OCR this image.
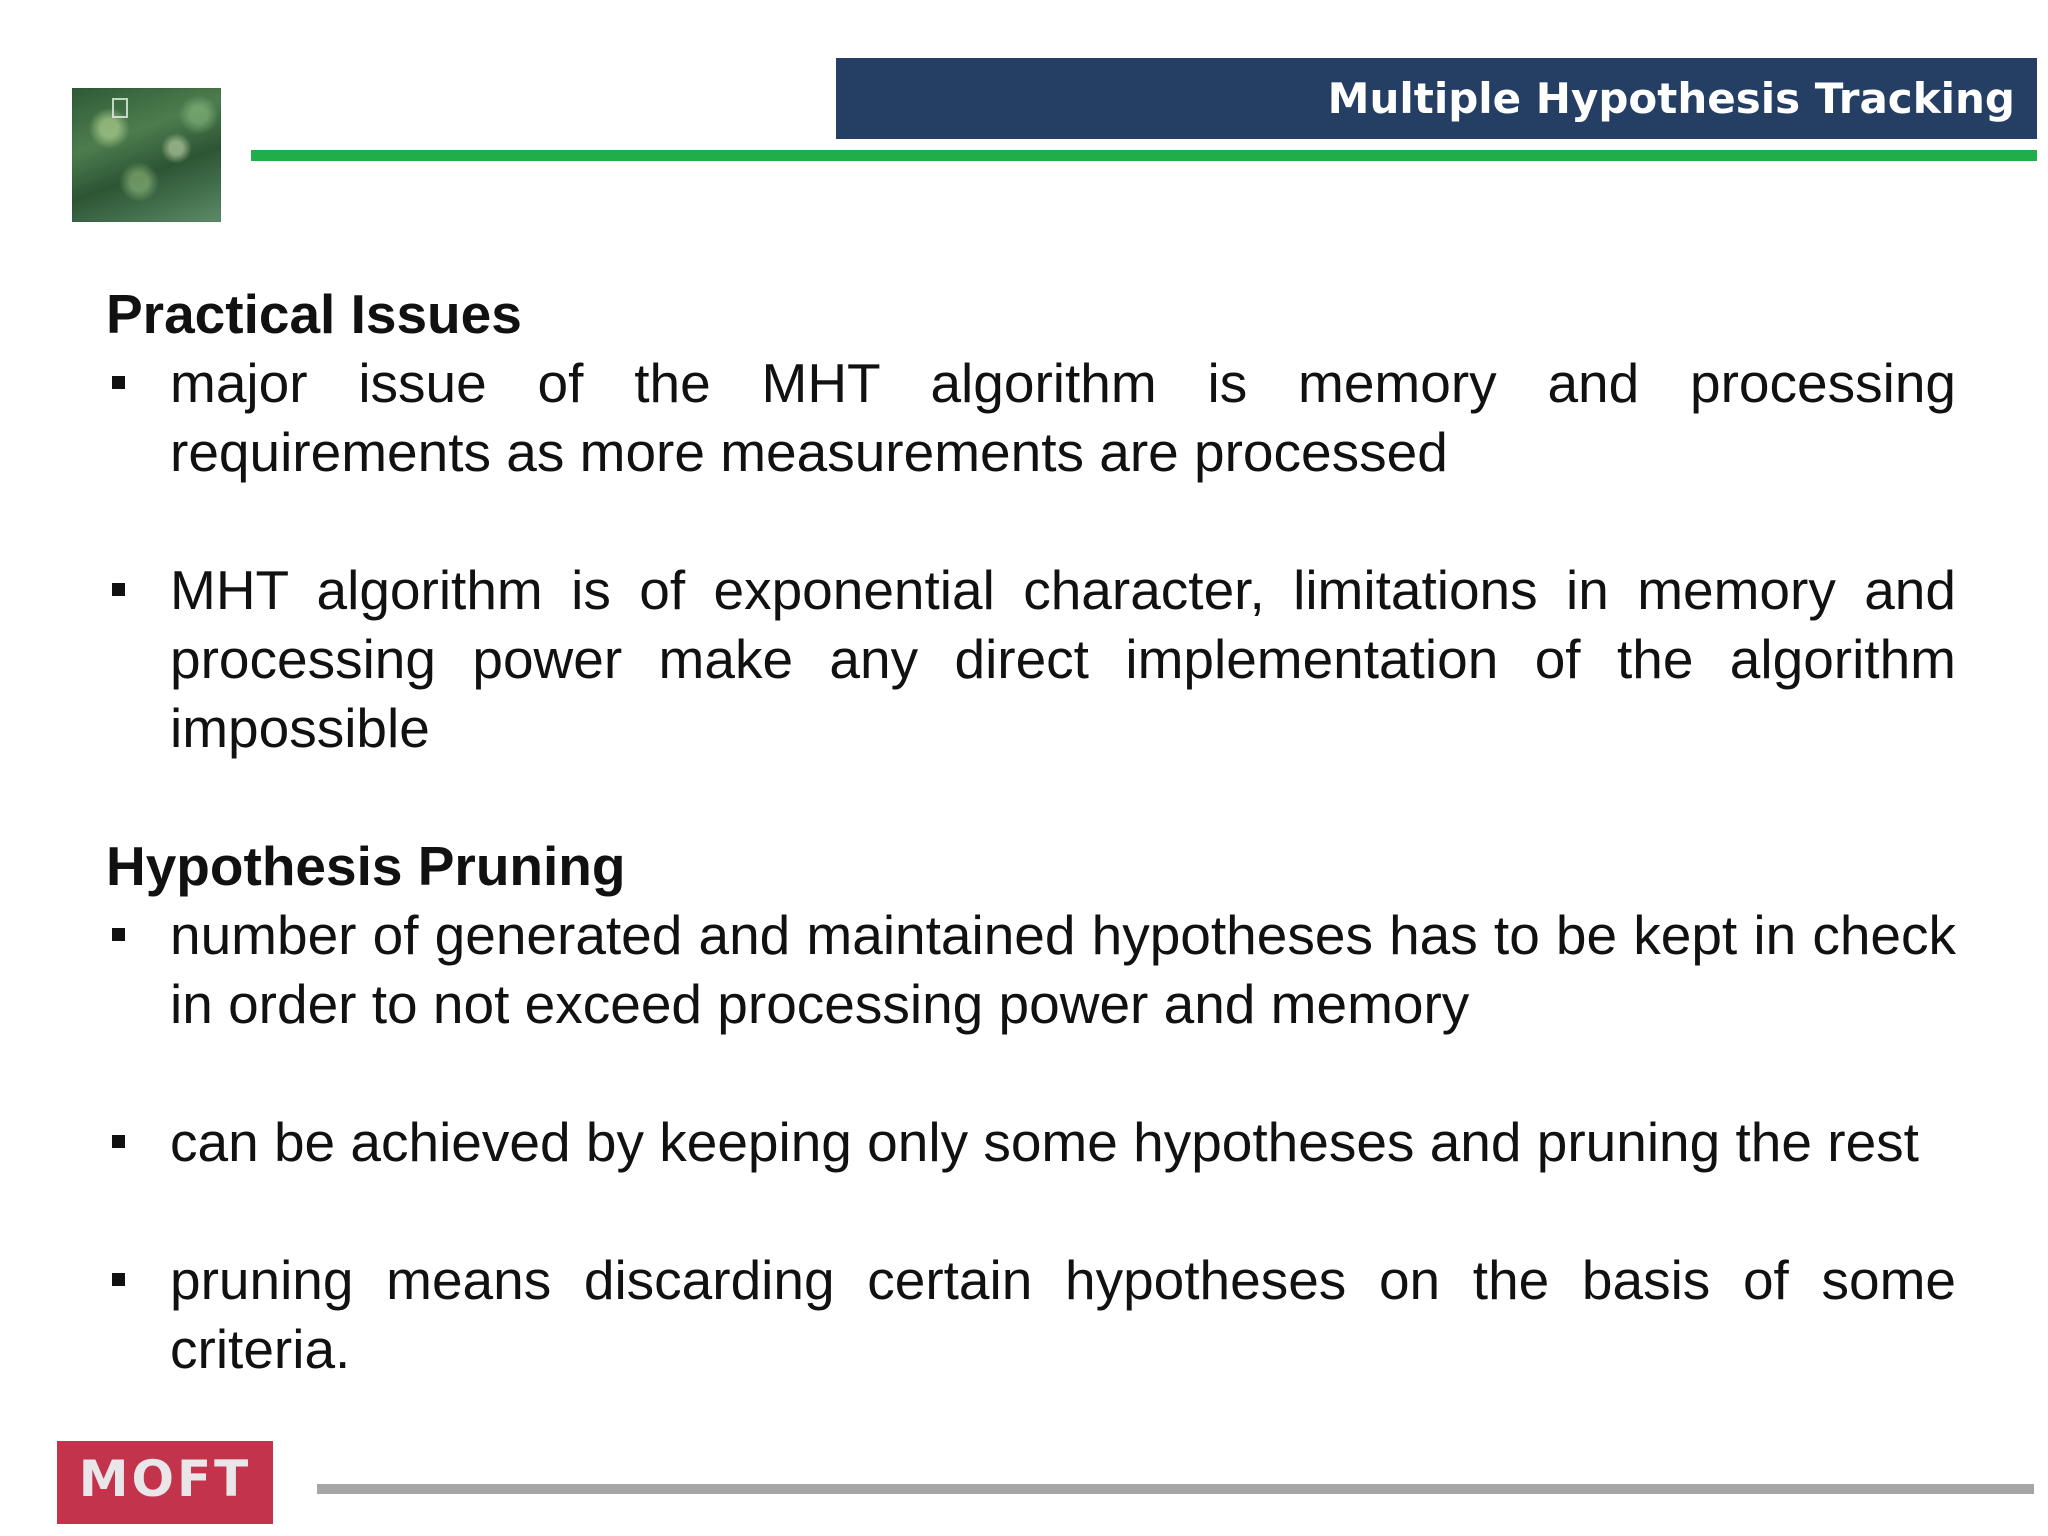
Multiple Hypothesis Tracking
Practical Issues
major issue of the MHT algorithm is memory and processing requirements as more measurements are processed
MHT algorithm is of exponential character, limitations in memory and processing power make any direct implementation of the algorithm impossible
Hypothesis Pruning
number of generated and maintained hypotheses has to be kept in check in order to not exceed processing power and memory
can be achieved by keeping only some hypotheses and pruning the rest
pruning means discarding certain hypotheses on the basis of some criteria.
MOFT
